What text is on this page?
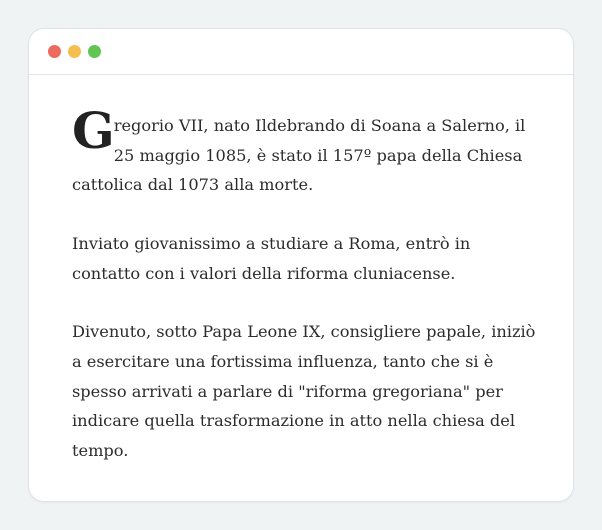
Gregorio VII, nato Ildebrando di Soana a Salerno, il 25 maggio 1085, è stato il 157º papa della Chiesa cattolica dal 1073 alla morte.

Inviato giovanissimo a studiare a Roma, entrò in contatto con i valori della riforma cluniacense.

Divenuto, sotto Papa Leone IX, consigliere papale, iniziò a esercitare una fortissima influenza, tanto che si è spesso arrivati a parlare di "riforma gregoriana" per indicare quella trasformazione in atto nella chiesa del tempo.
